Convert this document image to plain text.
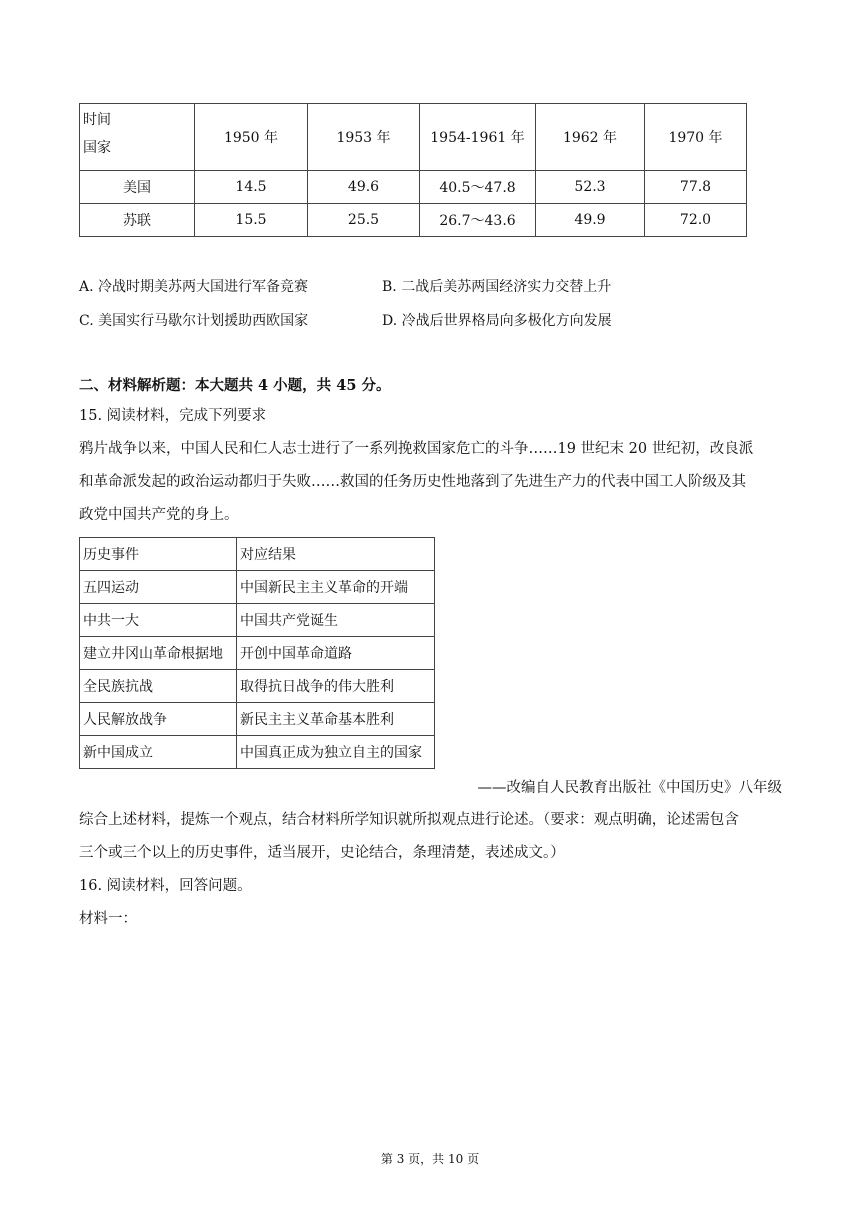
时间
国家	1950 年	1953 年	1954-1961 年	1962 年	1970 年
美国	14.5	49.6	40.5～47.8	52.3	77.8
苏联	15.5	25.5	26.7～43.6	49.9	72.0
A. 冷战时期美苏两大国进行军备竞赛	B. 二战后美苏两国经济实力交替上升
C. 美国实行马歇尔计划援助西欧国家	D. 冷战后世界格局向多极化方向发展
二、材料解析题：本大题共 4 小题，共 45 分。
15. 阅读材料，完成下列要求
鸦片战争以来，中国人民和仁人志士进行了一系列挽救国家危亡的斗争……19 世纪末 20 世纪初，改良派
和革命派发起的政治运动都归于失败……救国的任务历史性地落到了先进生产力的代表中国工人阶级及其
政党中国共产党的身上。
历史事件	对应结果
五四运动	中国新民主主义革命的开端
中共一大	中国共产党诞生
建立井冈山革命根据地	开创中国革命道路
全民族抗战	取得抗日战争的伟大胜利
人民解放战争	新民主主义革命基本胜利
新中国成立	中国真正成为独立自主的国家
——改编自人民教育出版社《中国历史》八年级
综合上述材料，提炼一个观点，结合材料所学知识就所拟观点进行论述。（要求：观点明确，论述需包含
三个或三个以上的历史事件，适当展开，史论结合，条理清楚，表述成文。）
16. 阅读材料，回答问题。
材料一：
第 3 页，共 10 页
